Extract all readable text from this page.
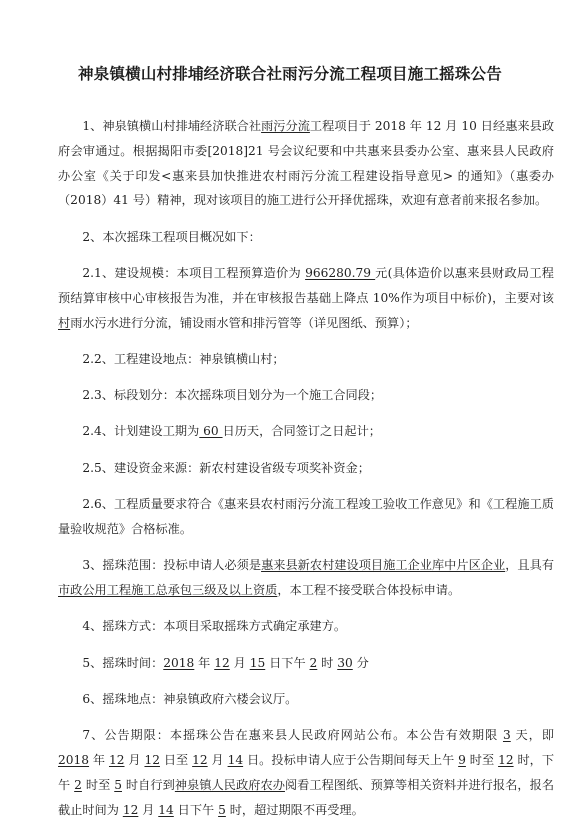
神泉镇横山村排埔经济联合社雨污分流工程项目施工摇珠公告

1、神泉镇横山村排埔经济联合社雨污分流工程项目于 2018 年 12 月 10 日经惠来县政府会审通过。根据揭阳市委[2018]21 号会议纪要和中共惠来县委办公室、惠来县人民政府办公室《关于印发<惠来县加快推进农村雨污分流工程建设指导意见> 的通知》（惠委办（2018）41 号）精神，现对该项目的施工进行公开择优摇珠，欢迎有意者前来报名参加。

2、本次摇珠工程项目概况如下：

2.1、建设规模：本项目工程预算造价为 966280.79 元(具体造价以惠来县财政局工程预结算审核中心审核报告为准，并在审核报告基础上降点 10%作为项目中标价)，主要对该村雨水污水进行分流，铺设雨水管和排污管等（详见图纸、预算）；

2.2、工程建设地点：神泉镇横山村；

2.3、标段划分：本次摇珠项目划分为一个施工合同段；

2.4、计划建设工期为 60 日历天，合同签订之日起计；

2.5、建设资金来源：新农村建设省级专项奖补资金；

2.6、工程质量要求符合《惠来县农村雨污分流工程竣工验收工作意见》和《工程施工质量验收规范》合格标准。

3、摇珠范围：投标申请人必须是惠来县新农村建设项目施工企业库中片区企业，且具有市政公用工程施工总承包三级及以上资质，本工程不接受联合体投标申请。

4、摇珠方式：本项目采取摇珠方式确定承建方。

5、摇珠时间：2018 年 12 月 15 日下午 2 时 30 分

6、摇珠地点：神泉镇政府六楼会议厅。

7、公告期限：本摇珠公告在惠来县人民政府网站公布。本公告有效期限 3 天，即 2018 年 12 月 12 日至 12 月 14 日。投标申请人应于公告期间每天上午 9 时至 12 时，下午 2 时至 5 时自行到神泉镇人民政府农办阅看工程图纸、预算等相关资料并进行报名，报名截止时间为 12 月 14 日下午 5 时，超过期限不再受理。
